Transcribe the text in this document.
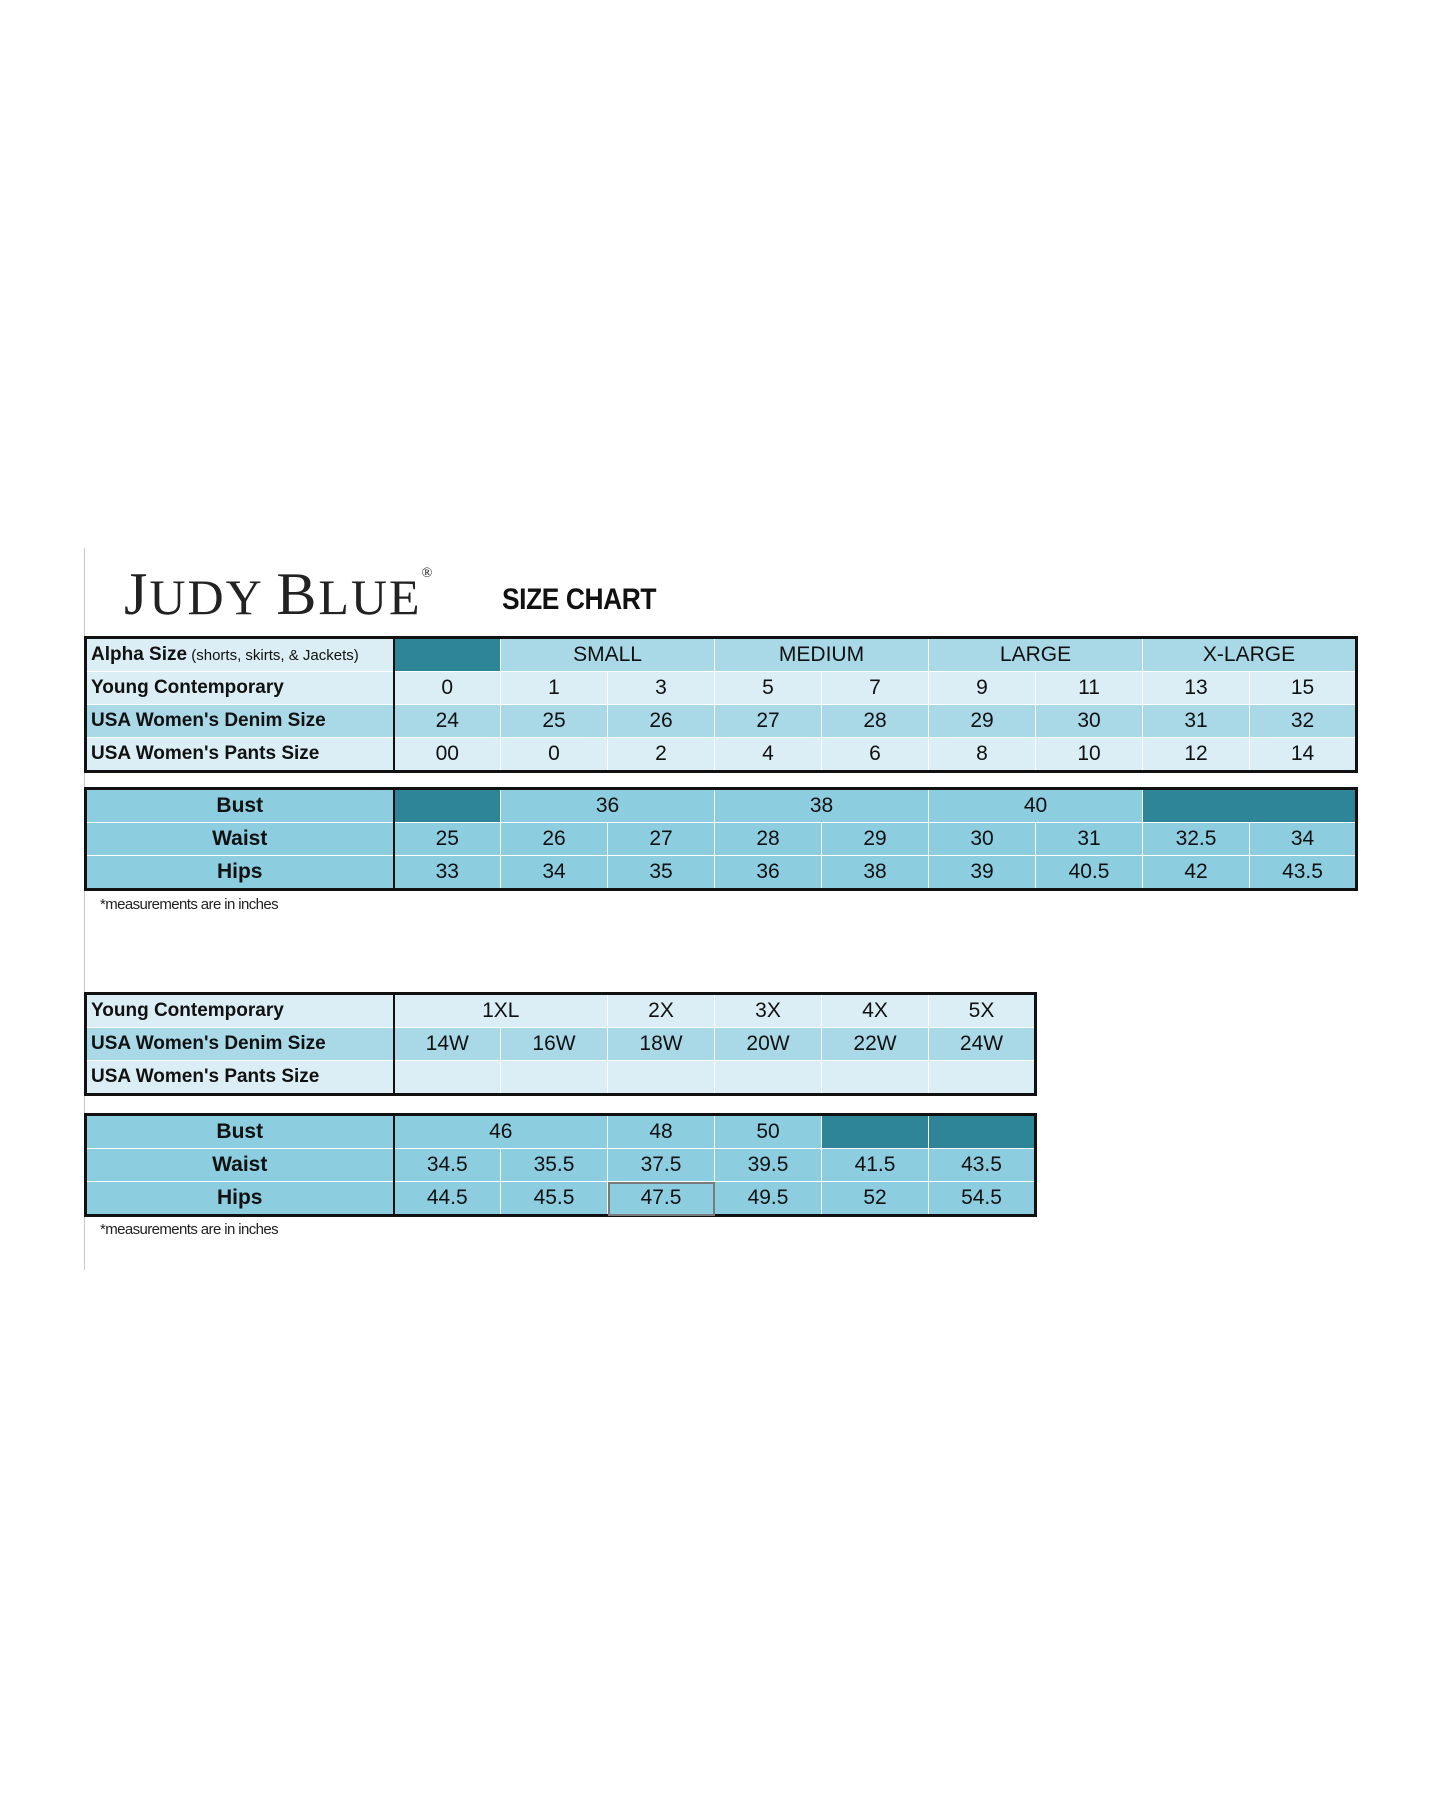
JUDY BLUE®
SIZE CHART
Alpha Size (shorts, skirts, & Jackets)		SMALL		MEDIUM		LARGE		X-LARGE	
Young Contemporary	0	1	3	5	7	9	11	13	15
USA Women's Denim Size	24	25	26	27	28	29	30	31	32
USA Women's Pants Size	00	0	2	4	6	8	10	12	14
Bust		36		38		40			
Waist	25	26	27	28	29	30	31	32.5	34
Hips	33	34	35	36	38	39	40.5	42	43.5
*measurements are in inches
Young Contemporary	1XL		2X	3X	4X	5X
USA Women's Denim Size	14W	16W	18W	20W	22W	24W
USA Women's Pants Size						
Bust	46		48	50		
Waist	34.5	35.5	37.5	39.5	41.5	43.5
Hips	44.5	45.5	47.5	49.5	52	54.5
*measurements are in inches
